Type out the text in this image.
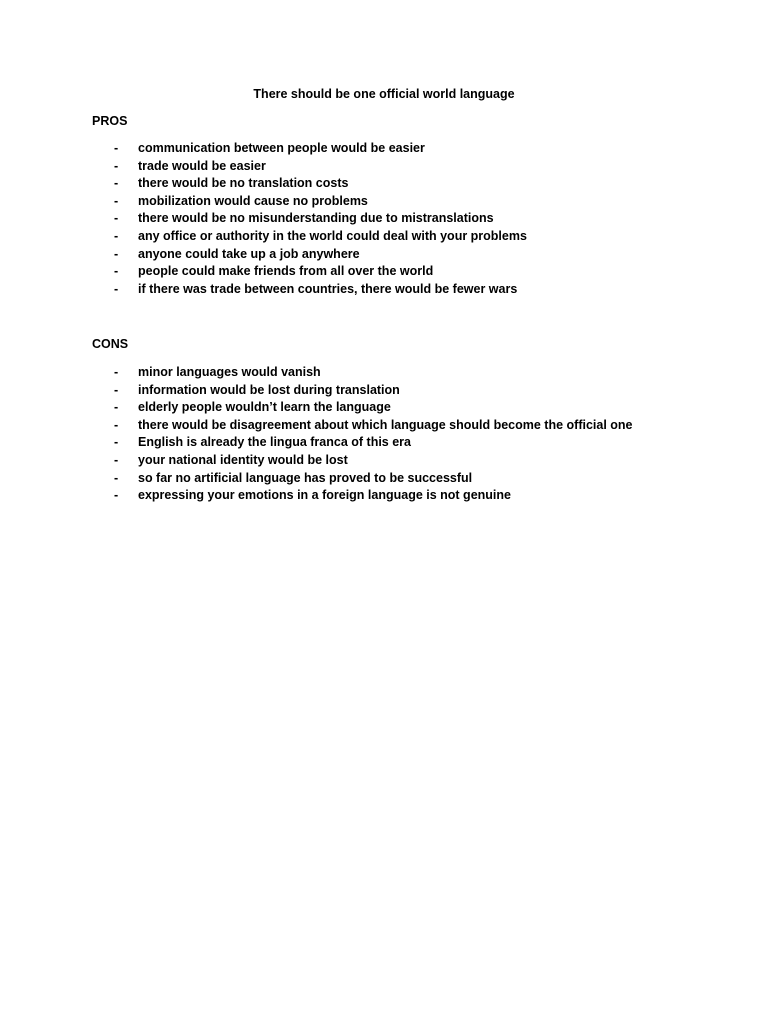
There should be one official world language
PROS
- communication between people would be easier
- trade would be easier
- there would be no translation costs
- mobilization would cause no problems
- there would be no misunderstanding due to mistranslations
- any office or authority in the world could deal with your problems
- anyone could take up a job anywhere
- people could make friends from all over the world
- if there was trade between countries, there would be fewer wars
CONS
- minor languages would vanish
- information would be lost during translation
- elderly people wouldn’t learn the language
- there would be disagreement about which language should become the official one
- English is already the lingua franca of this era
- your national identity would be lost
- so far no artificial language has proved to be successful
- expressing your emotions in a foreign language is not genuine
